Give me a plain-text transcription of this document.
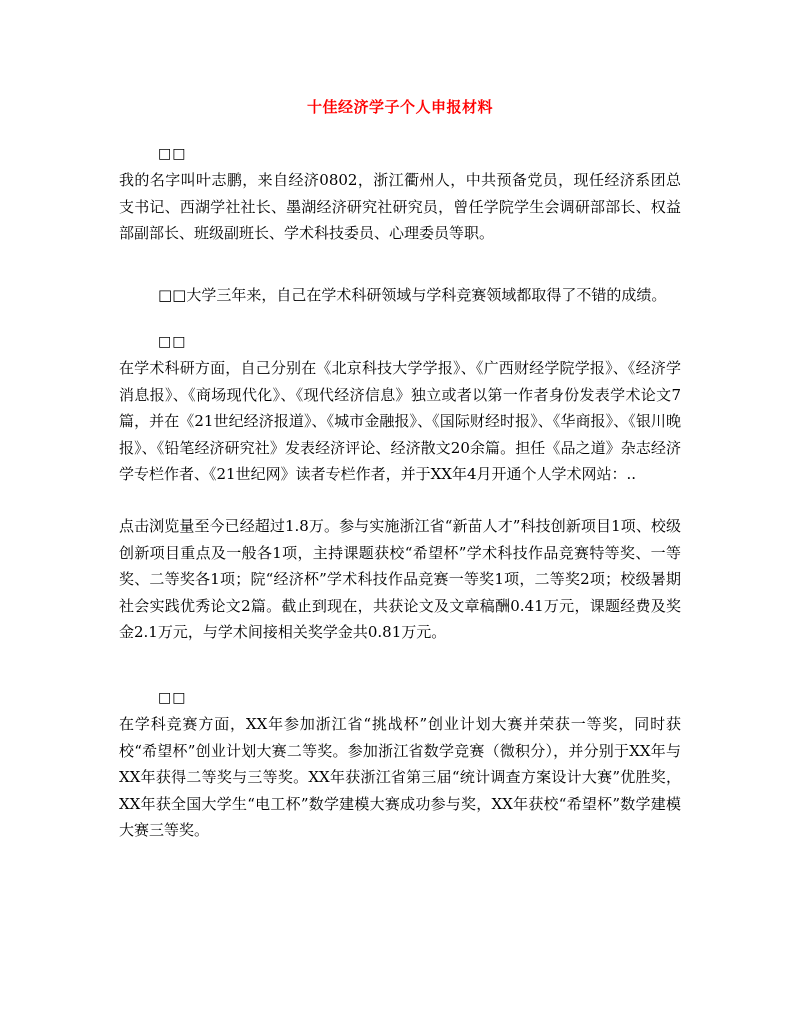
十佳经济学子个人申报材料
□□
我的名字叫叶志鹏，来自经济0802，浙江衢州人，中共预备党员，现任经济系团总支书记、西湖学社社长、墨湖经济研究社研究员，曾任学院学生会调研部部长、权益部副部长、班级副班长、学术科技委员、心理委员等职。
□□大学三年来，自己在学术科研领域与学科竞赛领域都取得了不错的成绩。
□□
在学术科研方面，自己分别在《北京科技大学学报》、《广西财经学院学报》、《经济学消息报》、《商场现代化》、《现代经济信息》独立或者以第一作者身份发表学术论文7篇，并在《21世纪经济报道》、《城市金融报》、《国际财经时报》、《华商报》、《银川晚报》、《铅笔经济研究社》发表经济评论、经济散文20余篇。担任《品之道》杂志经济学专栏作者、《21世纪网》读者专栏作者，并于XX年4月开通个人学术网站：..
点击浏览量至今已经超过1.8万。参与实施浙江省“新苗人才”科技创新项目1项、校级创新项目重点及一般各1项，主持课题获校“希望杯”学术科技作品竞赛特等奖、一等奖、二等奖各1项；院“经济杯”学术科技作品竞赛一等奖1项，二等奖2项；校级暑期社会实践优秀论文2篇。截止到现在，共获论文及文章稿酬0.41万元，课题经费及奖金2.1万元，与学术间接相关奖学金共0.81万元。
□□
在学科竞赛方面，XX年参加浙江省“挑战杯”创业计划大赛并荣获一等奖，同时获校“希望杯”创业计划大赛二等奖。参加浙江省数学竞赛（微积分），并分别于XX年与XX年获得二等奖与三等奖。XX年获浙江省第三届“统计调查方案设计大赛”优胜奖，XX年获全国大学生“电工杯”数学建模大赛成功参与奖，XX年获校“希望杯”数学建模大赛三等奖。
